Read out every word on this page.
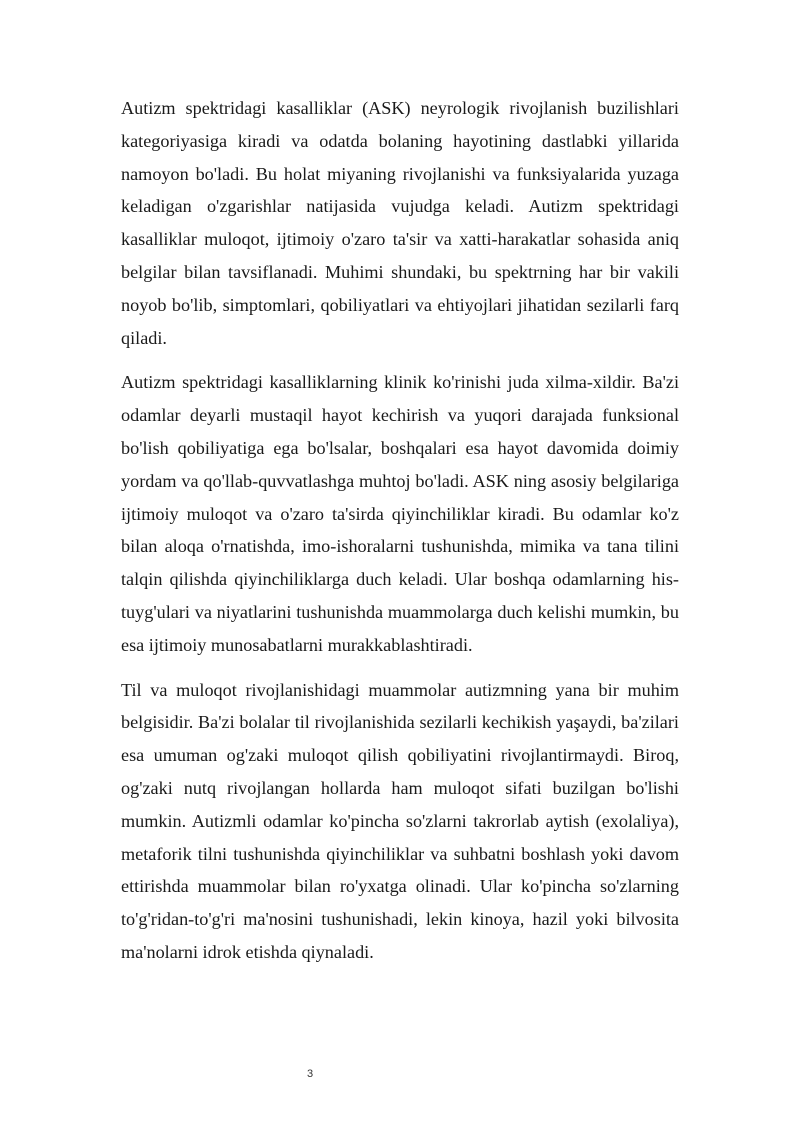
Autizm spektridagi kasalliklar (ASK) neyrologik rivojlanish buzilishlari kategoriyasiga kiradi va odatda bolaning hayotining dastlabki yillarida namoyon bo'ladi. Bu holat miyaning rivojlanishi va funksiyalarida yuzaga keladigan o'zgarishlar natijasida vujudga keladi. Autizm spektridagi kasalliklar muloqot, ijtimoiy o'zaro ta'sir va xatti-harakatlar sohasida aniq belgilar bilan tavsiflanadi. Muhimi shundaki, bu spektrning har bir vakili noyob bo'lib, simptomlari, qobiliyatlari va ehtiyojlari jihatidan sezilarli farq qiladi.

Autizm spektridagi kasalliklarning klinik ko'rinishi juda xilma-xildir. Ba'zi odamlar deyarli mustaqil hayot kechirish va yuqori darajada funksional bo'lish qobiliyatiga ega bo'lsalar, boshqalari esa hayot davomida doimiy yordam va qo'llab-quvvatlashga muhtoj bo'ladi. ASK ning asosiy belgilariga ijtimoiy muloqot va o'zaro ta'sirda qiyinchiliklar kiradi. Bu odamlar ko'z bilan aloqa o'rnatishda, imo-ishoralarni tushunishda, mimika va tana tilini talqin qilishda qiyinchiliklarga duch keladi. Ular boshqa odamlarning his-tuyg'ulari va niyatlarini tushunishda muammolarga duch kelishi mumkin, bu esa ijtimoiy munosabatlarni murakkablashtiradi.

Til va muloqot rivojlanishidagi muammolar autizmning yana bir muhim belgisidir. Ba'zi bolalar til rivojlanishida sezilarli kechikish yaşaydi, ba'zilari esa umuman og'zaki muloqot qilish qobiliyatini rivojlantirmaydi. Biroq, og'zaki nutq rivojlangan hollarda ham muloqot sifati buzilgan bo'lishi mumkin. Autizmli odamlar ko'pincha so'zlarni takrorlab aytish (exolaliya), metaforik tilni tushunishda qiyinchiliklar va suhbatni boshlash yoki davom ettirishda muammolar bilan ro'yxatga olinadi. Ular ko'pincha so'zlarning to'g'ridan-to'g'ri ma'nosini tushunishadi, lekin kinoya, hazil yoki bilvosita ma'nolarni idrok etishda qiynaladi.

3
